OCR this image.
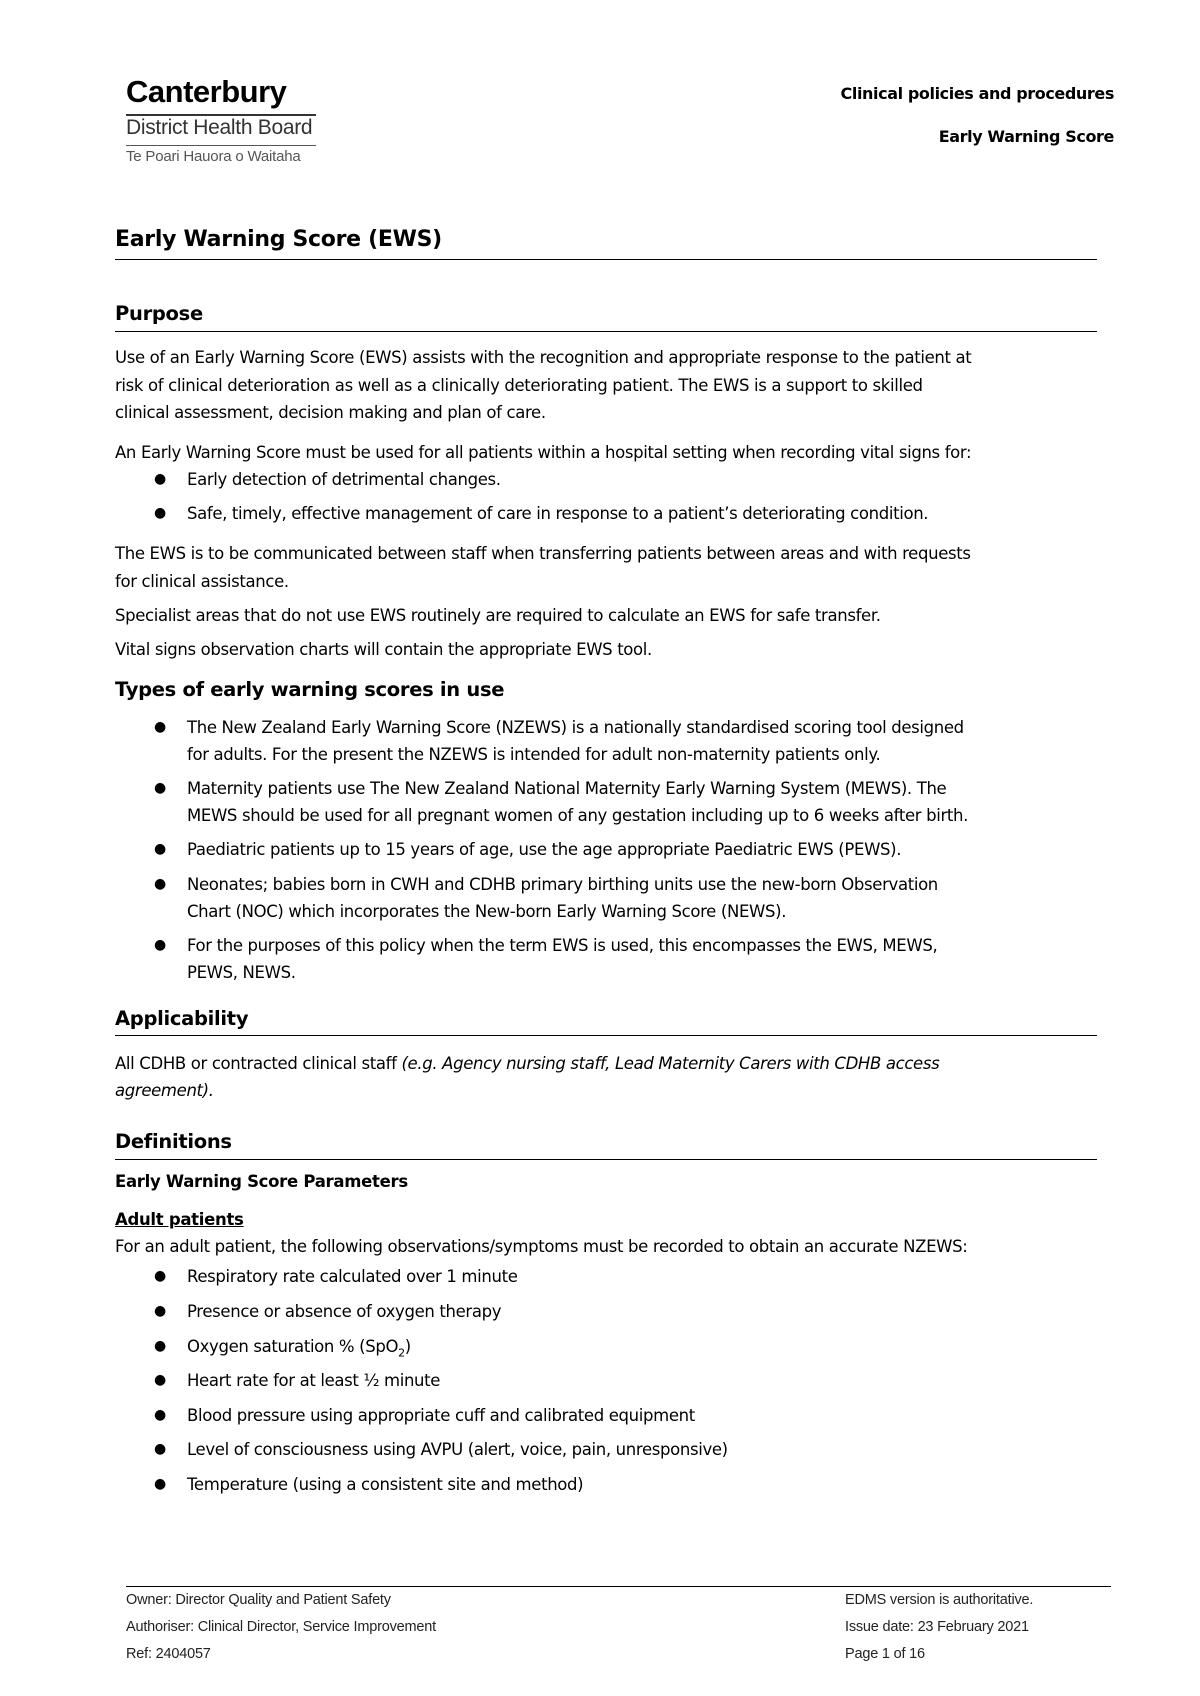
Canterbury
District Health Board
Te Poari Hauora o Waitaha
Clinical policies and procedures
Early Warning Score
Early Warning Score (EWS)
Purpose
Use of an Early Warning Score (EWS) assists with the recognition and appropriate response to the patient at
risk of clinical deterioration as well as a clinically deteriorating patient. The EWS is a support to skilled
clinical assessment, decision making and plan of care.
An Early Warning Score must be used for all patients within a hospital setting when recording vital signs for:
● Early detection of detrimental changes.
● Safe, timely, effective management of care in response to a patient’s deteriorating condition.
The EWS is to be communicated between staff when transferring patients between areas and with requests
for clinical assistance.
Specialist areas that do not use EWS routinely are required to calculate an EWS for safe transfer.
Vital signs observation charts will contain the appropriate EWS tool.
Types of early warning scores in use
● The New Zealand Early Warning Score (NZEWS) is a nationally standardised scoring tool designed
for adults. For the present the NZEWS is intended for adult non-maternity patients only.
● Maternity patients use The New Zealand National Maternity Early Warning System (MEWS). The
MEWS should be used for all pregnant women of any gestation including up to 6 weeks after birth.
● Paediatric patients up to 15 years of age, use the age appropriate Paediatric EWS (PEWS).
● Neonates; babies born in CWH and CDHB primary birthing units use the new-born Observation
Chart (NOC) which incorporates the New-born Early Warning Score (NEWS).
● For the purposes of this policy when the term EWS is used, this encompasses the EWS, MEWS,
PEWS, NEWS.
Applicability
All CDHB or contracted clinical staff (e.g. Agency nursing staff, Lead Maternity Carers with CDHB access
agreement).
Definitions
Early Warning Score Parameters
Adult patients
For an adult patient, the following observations/symptoms must be recorded to obtain an accurate NZEWS:
● Respiratory rate calculated over 1 minute
● Presence or absence of oxygen therapy
● Oxygen saturation % (SpO$_2$)
● Heart rate for at least ½ minute
● Blood pressure using appropriate cuff and calibrated equipment
● Level of consciousness using AVPU (alert, voice, pain, unresponsive)
● Temperature (using a consistent site and method)
Owner: Director Quality and Patient Safety
Authoriser: Clinical Director, Service Improvement
Ref: 2404057
EDMS version is authoritative.
Issue date: 23 February 2021
Page 1 of 16
